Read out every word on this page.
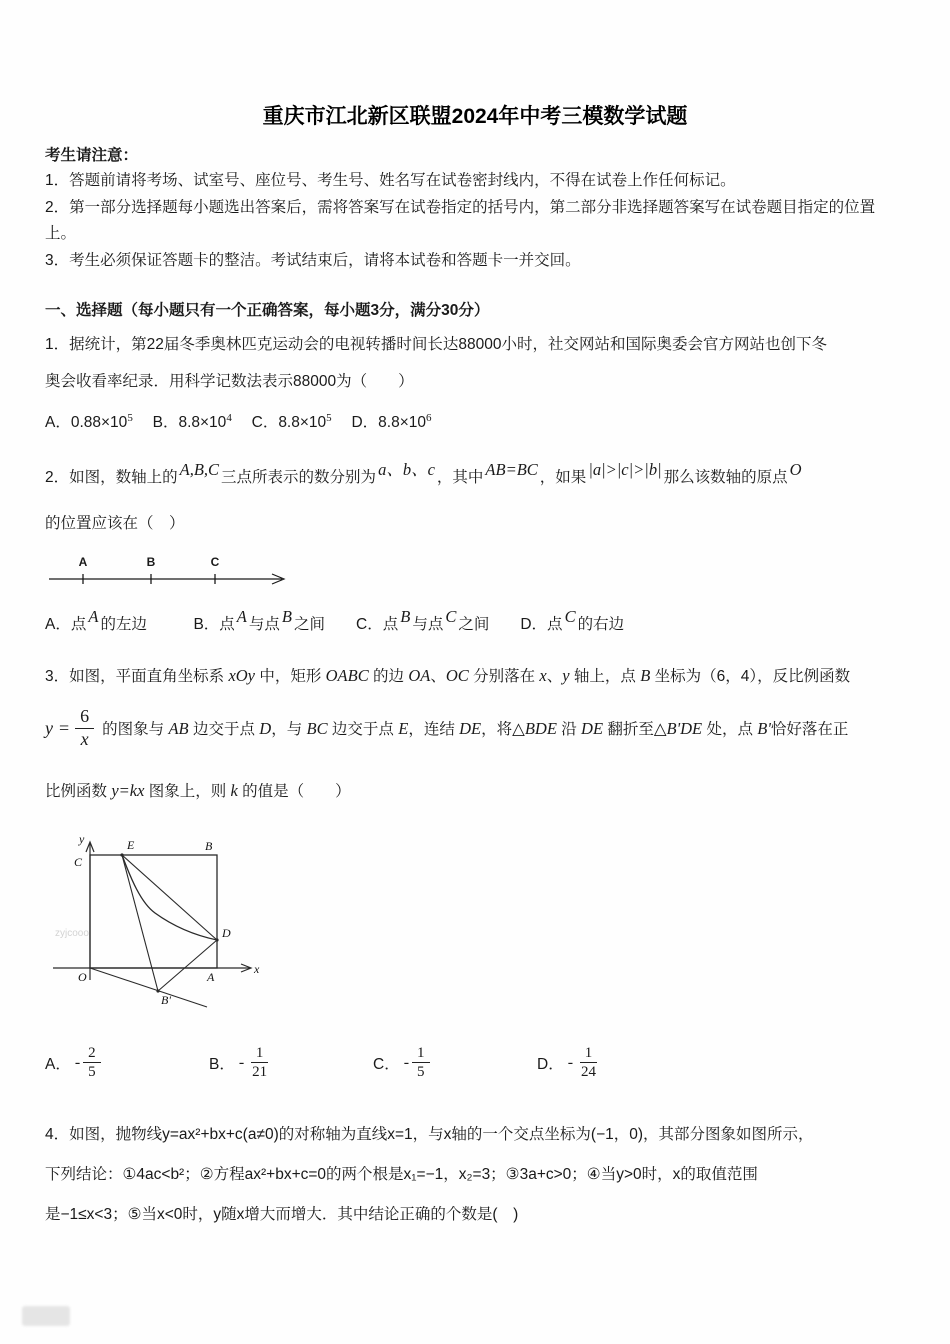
重庆市江北新区联盟2024年中考三模数学试题

考生请注意：

1．答题前请将考场、试室号、座位号、考生号、姓名写在试卷密封线内，不得在试卷上作任何标记。

2．第一部分选择题每小题选出答案后，需将答案写在试卷指定的括号内，第二部分非选择题答案写在试卷题目指定的位置上。

3．考生必须保证答题卡的整洁。考试结束后，请将本试卷和答题卡一并交回。

一、选择题（每小题只有一个正确答案，每小题3分，满分30分）

1．据统计，第22届冬季奥林匹克运动会的电视转播时间长达88000小时，社交网站和国际奥委会官方网站也创下冬

奥会收看率纪录．用科学记数法表示88000为（　　）

A．$0.88\times 10^5$　 B．$8.8\times 10^4$ 　C．$8.8\times 10^5$ 　D．$8.8\times 10^6$

2．如图，数轴上的 A,B,C 三点所表示的数分别为 a、b、c ，其中 AB=BC ，如果 |a|>|c|>|b| 那么该数轴的原点 O

的位置应该在（　）

A	B	C

A．点 A 的左边　　　B．点 A 与点 B 之间　　C．点 B 与点 C 之间　　D．点 C 的右边

3．如图，平面直角坐标系 xOy 中，矩形 OABC 的边 OA、OC 分别落在 x、y 轴上，点 B 坐标为（6，4），反比例函数

$y = \frac{6}{x}$ 的图象与 AB 边交于点 D，与 BC 边交于点 E，连结 DE，将△BDE 沿 DE 翻折至△B'DE 处，点 B'恰好落在正

比例函数 y=kx 图象上，则 k 的值是（　　）

zyjcooo
y
x
O
C
E	B
D
A
B'
A． - $\frac{2}{5}$	B． - $\frac{1}{21}$	C． - $\frac{1}{5}$	D． - $\frac{1}{24}$

4．如图，抛物线y=ax²+bx+c(a≠0)的对称轴为直线x=1，与x轴的一个交点坐标为(−1，0)，其部分图象如图所示，

下列结论：①4ac<b²；②方程ax²+bx+c=0的两个根是x₁=−1，x₂=3；③3a+c>0；④当y>0时，x的取值范围

是−1≤x<3；⑤当x<0时，y随x增大而增大．其中结论正确的个数是(　)
